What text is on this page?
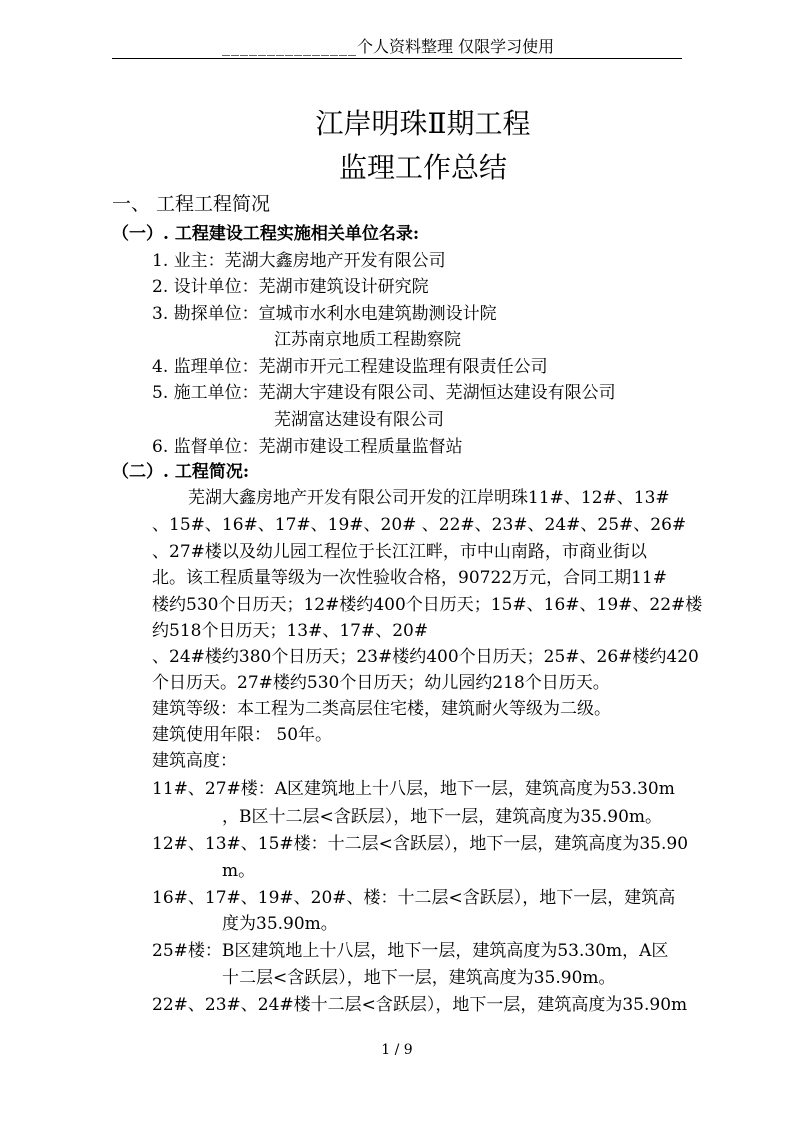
_______________个人资料整理 仅限学习使用
江岸明珠Ⅱ期工程
监理工作总结
一、 工程工程简况
（一）. 工程建设工程实施相关单位名录:
1. 业主：芜湖大鑫房地产开发有限公司
2. 设计单位：芜湖市建筑设计研究院
3. 勘探单位：宣城市水利水电建筑勘测设计院
江苏南京地质工程勘察院
4. 监理单位：芜湖市开元工程建设监理有限责任公司
5. 施工单位：芜湖大宇建设有限公司、芜湖恒达建设有限公司
芜湖富达建设有限公司
6. 监督单位：芜湖市建设工程质量监督站
（二）. 工程简况:
芜湖大鑫房地产开发有限公司开发的江岸明珠11#、12#、13#
、15#、16#、17#、19#、20# 、22#、23#、24#、25#、26#
、27#楼以及幼儿园工程位于长江江畔，市中山南路，市商业街以
北。该工程质量等级为一次性验收合格，90722万元，合同工期11#
楼约530个日历天；12#楼约400个日历天；15#、16#、19#、22#楼
约518个日历天；13#、17#、20#
、24#楼约380个日历天；23#楼约400个日历天；25#、26#楼约420
个日历天。27#楼约530个日历天；幼儿园约218个日历天。
建筑等级：本工程为二类高层住宅楼，建筑耐火等级为二级。
建筑使用年限： 50年。
建筑高度：
11#、27#楼：A区建筑地上十八层，地下一层，建筑高度为53.30m
，B区十二层<含跃层），地下一层，建筑高度为35.90m。
12#、13#、15#楼：十二层<含跃层），地下一层，建筑高度为35.90
m。
16#、17#、19#、20#、楼：十二层<含跃层），地下一层，建筑高
度为35.90m。
25#楼：B区建筑地上十八层，地下一层，建筑高度为53.30m，A区
十二层<含跃层），地下一层，建筑高度为35.90m。
22#、23#、24#楼十二层<含跃层），地下一层，建筑高度为35.90m
1 / 9
